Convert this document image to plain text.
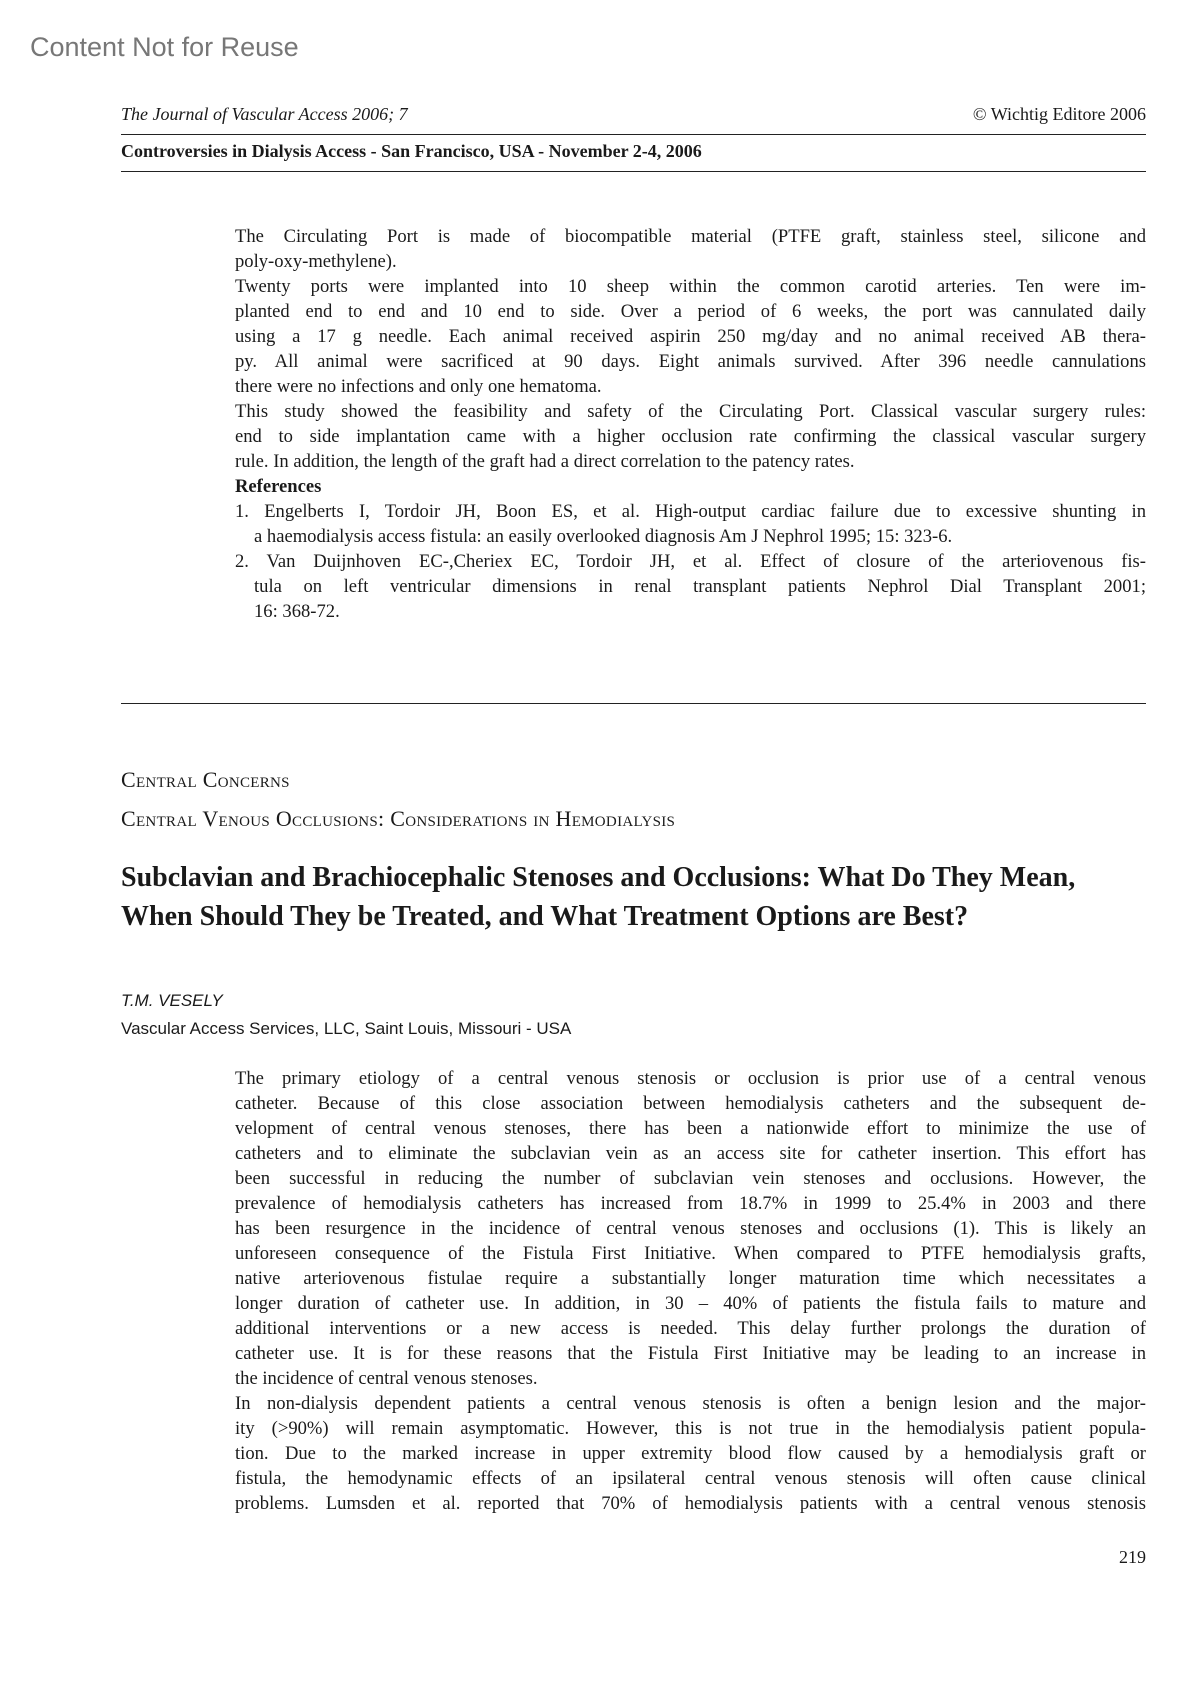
Content Not for Reuse
The Journal of Vascular Access 2006; 7	© Wichtig Editore 2006
Controversies in Dialysis Access - San Francisco, USA - November 2-4, 2006
The Circulating Port is made of biocompatible material (PTFE graft, stainless steel, silicone and
poly-oxy-methylene).
Twenty ports were implanted into 10 sheep within the common carotid arteries. Ten were im-
planted end to end and 10 end to side. Over a period of 6 weeks, the port was cannulated daily
using a 17 g needle. Each animal received aspirin 250 mg/day and no animal received AB thera-
py. All animal were sacrificed at 90 days. Eight animals survived. After 396 needle cannulations
there were no infections and only one hematoma.
This study showed the feasibility and safety of the Circulating Port. Classical vascular surgery rules:
end to side implantation came with a higher occlusion rate confirming the classical vascular surgery
rule. In addition, the length of the graft had a direct correlation to the patency rates.
References
1. Engelberts I, Tordoir JH, Boon ES, et al. High-output cardiac failure due to excessive shunting in
a haemodialysis access fistula: an easily overlooked diagnosis Am J Nephrol 1995; 15: 323-6.
2. Van Duijnhoven EC-,Cheriex EC, Tordoir JH, et al. Effect of closure of the arteriovenous fis-
tula on left ventricular dimensions in renal transplant patients Nephrol Dial Transplant 2001;
16: 368-72.
Central Concerns
Central Venous Occlusions: Considerations in Hemodialysis
Subclavian and Brachiocephalic Stenoses and Occlusions: What Do They Mean, When Should They be Treated, and What Treatment Options are Best?
T.M. VESELY
Vascular Access Services, LLC, Saint Louis, Missouri - USA
The primary etiology of a central venous stenosis or occlusion is prior use of a central venous
catheter. Because of this close association between hemodialysis catheters and the subsequent de-
velopment of central venous stenoses, there has been a nationwide effort to minimize the use of
catheters and to eliminate the subclavian vein as an access site for catheter insertion. This effort has
been successful in reducing the number of subclavian vein stenoses and occlusions. However, the
prevalence of hemodialysis catheters has increased from 18.7% in 1999 to 25.4% in 2003 and there
has been resurgence in the incidence of central venous stenoses and occlusions (1). This is likely an
unforeseen consequence of the Fistula First Initiative. When compared to PTFE hemodialysis grafts,
native arteriovenous fistulae require a substantially longer maturation time which necessitates a
longer duration of catheter use. In addition, in 30 – 40% of patients the fistula fails to mature and
additional interventions or a new access is needed. This delay further prolongs the duration of
catheter use. It is for these reasons that the Fistula First Initiative may be leading to an increase in
the incidence of central venous stenoses.
In non-dialysis dependent patients a central venous stenosis is often a benign lesion and the major-
ity (>90%) will remain asymptomatic. However, this is not true in the hemodialysis patient popula-
tion. Due to the marked increase in upper extremity blood flow caused by a hemodialysis graft or
fistula, the hemodynamic effects of an ipsilateral central venous stenosis will often cause clinical
problems. Lumsden et al. reported that 70% of hemodialysis patients with a central venous stenosis
219
